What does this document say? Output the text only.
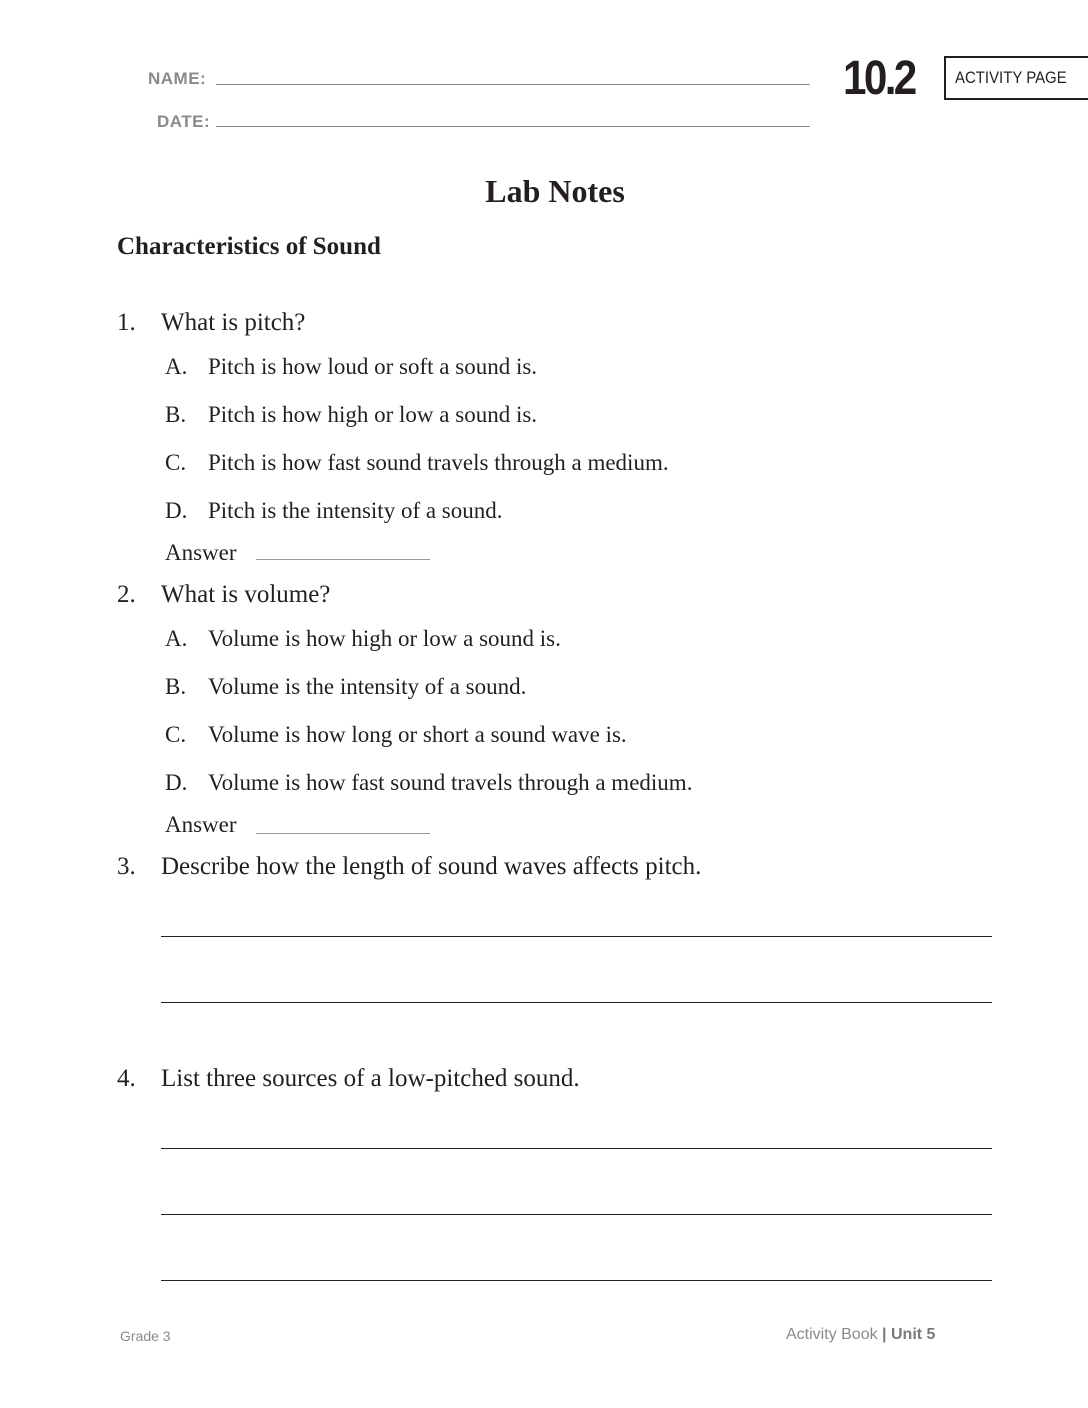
NAME:
DATE:
10.2 ACTIVITY PAGE
Lab Notes
Characteristics of Sound
1. What is pitch?
A. Pitch is how loud or soft a sound is.
B. Pitch is how high or low a sound is.
C. Pitch is how fast sound travels through a medium.
D. Pitch is the intensity of a sound.
Answer
2. What is volume?
A. Volume is how high or low a sound is.
B. Volume is the intensity of a sound.
C. Volume is how long or short a sound wave is.
D. Volume is how fast sound travels through a medium.
Answer
3. Describe how the length of sound waves affects pitch.
4. List three sources of a low-pitched sound.
Grade 3	Activity Book | Unit 5
